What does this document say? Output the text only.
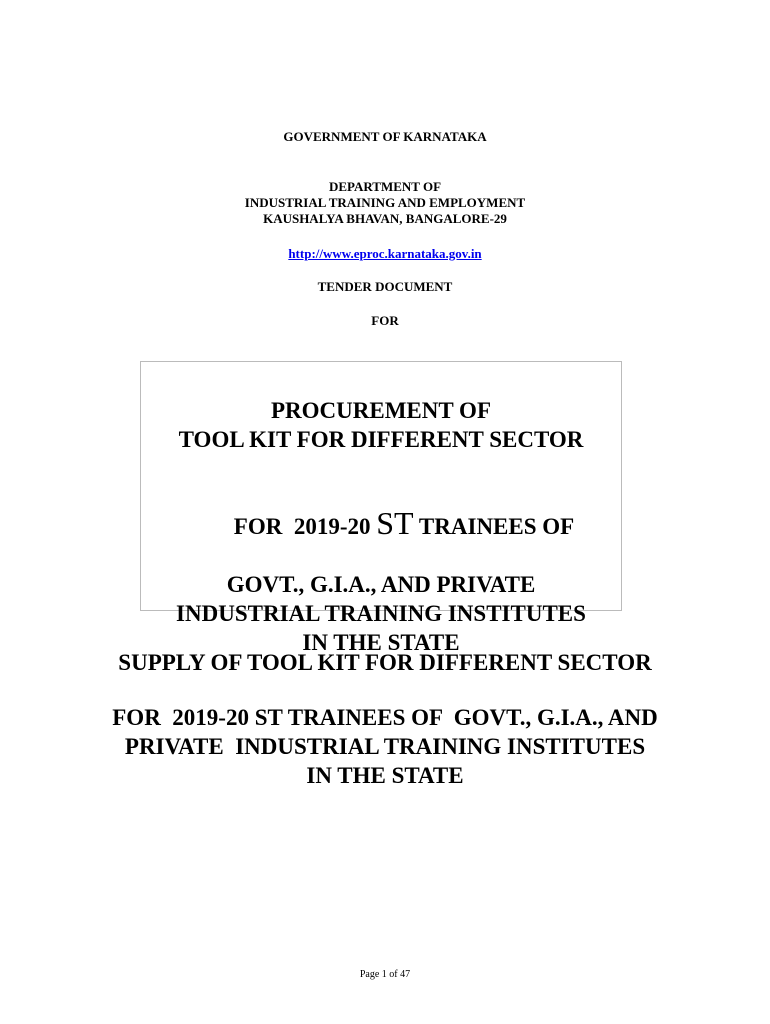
GOVERNMENT OF KARNATAKA
DEPARTMENT OF
INDUSTRIAL TRAINING AND EMPLOYMENT
KAUSHALYA BHAVAN, BANGALORE-29
http://www.eproc.karnataka.gov.in
TENDER DOCUMENT
FOR
PROCUREMENT OF
TOOL KIT FOR DIFFERENT SECTOR

FOR  2019-20 ST TRAINEES OF

GOVT., G.I.A., AND PRIVATE
INDUSTRIAL TRAINING INSTITUTES
IN THE STATE
SUPPLY OF TOOL KIT FOR DIFFERENT SECTOR
FOR  2019-20 ST TRAINEES OF  GOVT., G.I.A., AND
PRIVATE  INDUSTRIAL TRAINING INSTITUTES
IN THE STATE
Page 1 of 47
